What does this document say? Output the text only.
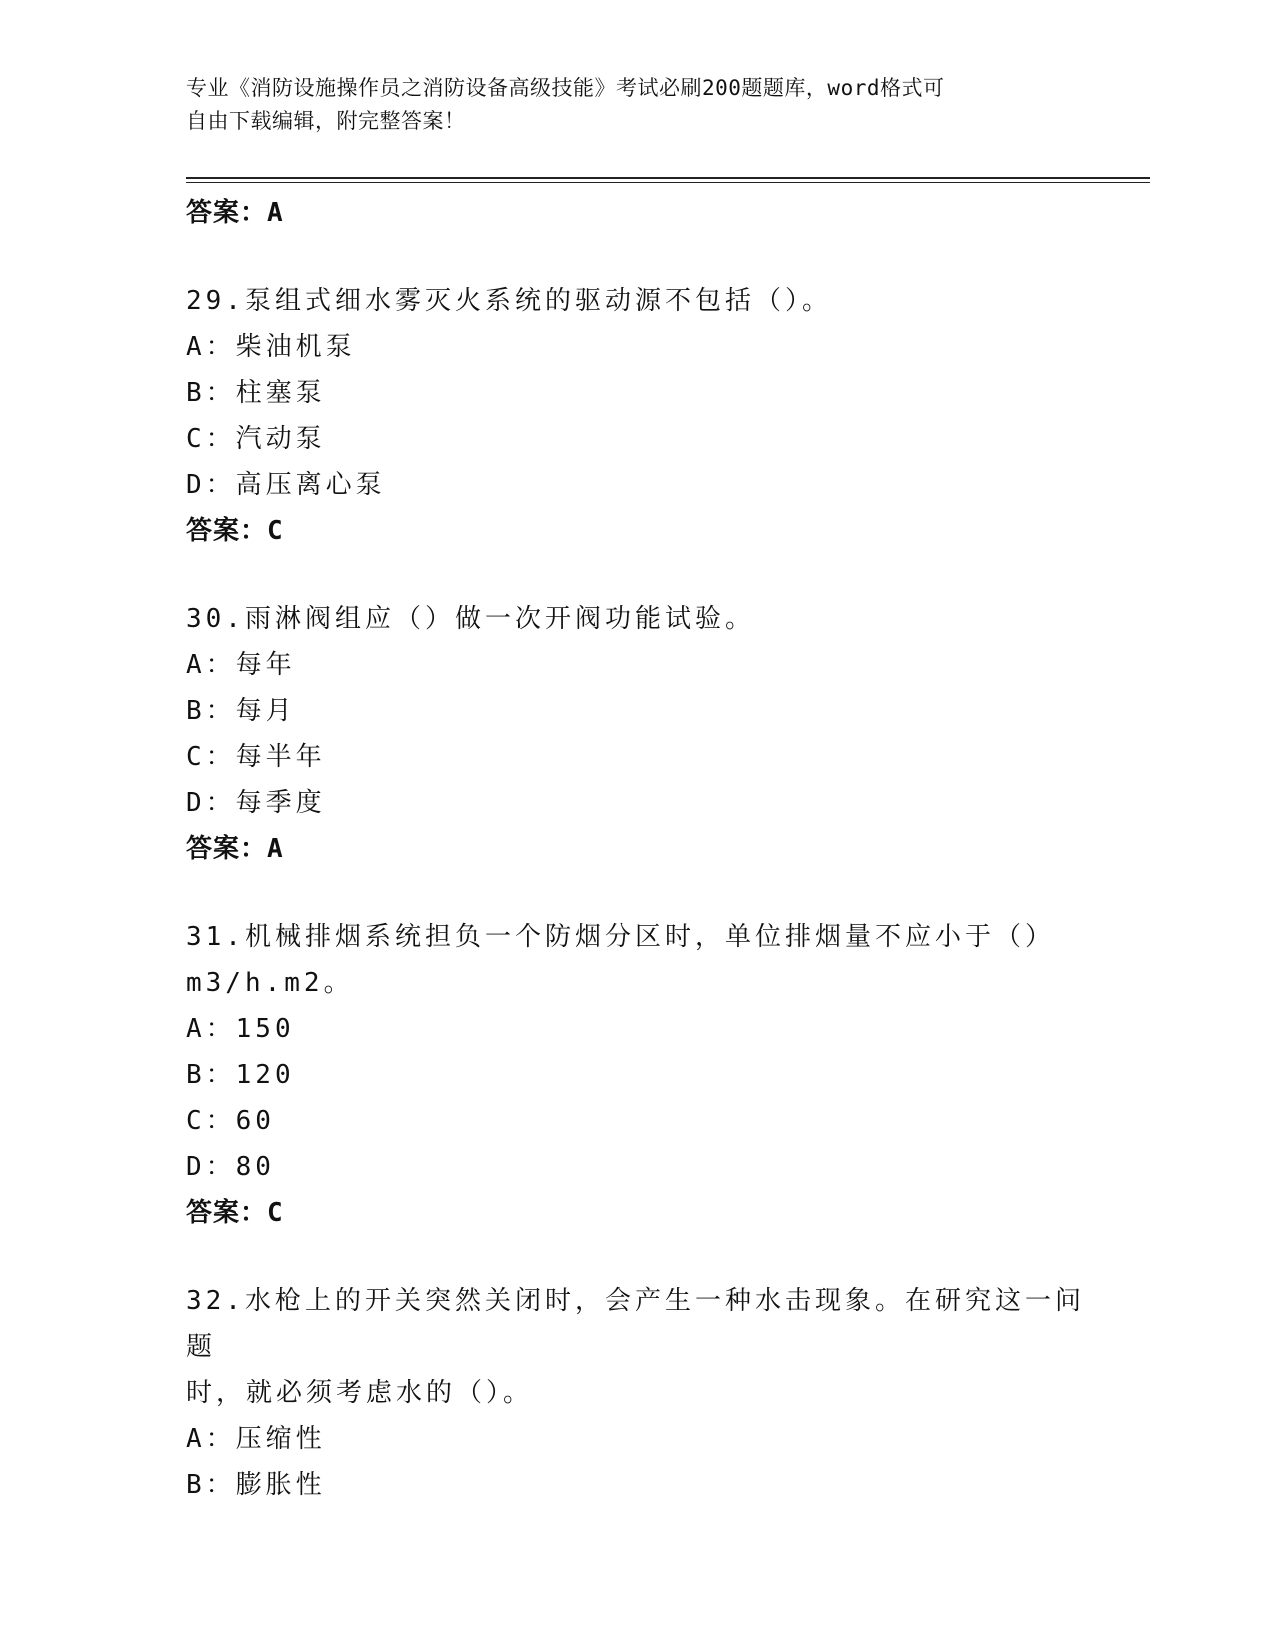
专业《消防设施操作员之消防设备高级技能》考试必刷200题题库，word格式可
自由下载编辑，附完整答案！
答案：A
29.泵组式细水雾灭火系统的驱动源不包括（）。
A：柴油机泵
B：柱塞泵
C：汽动泵
D：高压离心泵
答案：C
30.雨淋阀组应（）做一次开阀功能试验。
A：每年
B：每月
C：每半年
D：每季度
答案：A
31.机械排烟系统担负一个防烟分区时，单位排烟量不应小于（）
m3/h.m2。
A：150
B：120
C：60
D：80
答案：C
32.水枪上的开关突然关闭时，会产生一种水击现象。在研究这一问题
时，就必须考虑水的（）。
A：压缩性
B：膨胀性
